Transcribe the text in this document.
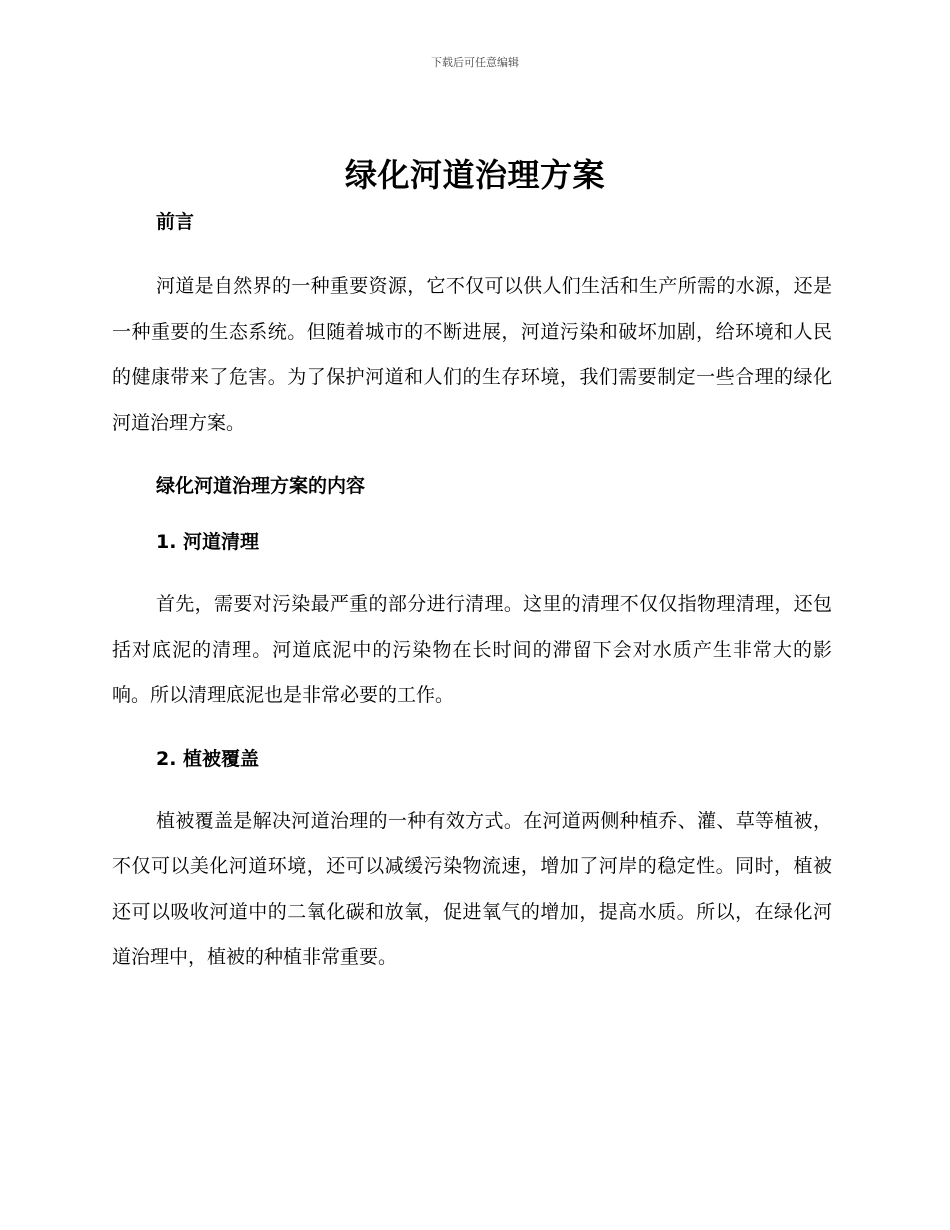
下载后可任意编辑
绿化河道治理方案

前言

河道是自然界的一种重要资源，它不仅可以供人们生活和生产所需的水源，还是一种重要的生态系统。但随着城市的不断进展，河道污染和破坏加剧，给环境和人民的健康带来了危害。为了保护河道和人们的生存环境，我们需要制定一些合理的绿化河道治理方案。

绿化河道治理方案的内容

1. 河道清理

首先，需要对污染最严重的部分进行清理。这里的清理不仅仅指物理清理，还包括对底泥的清理。河道底泥中的污染物在长时间的滞留下会对水质产生非常大的影响。所以清理底泥也是非常必要的工作。

2. 植被覆盖

植被覆盖是解决河道治理的一种有效方式。在河道两侧种植乔、灌、草等植被，不仅可以美化河道环境，还可以减缓污染物流速，增加了河岸的稳定性。同时，植被还可以吸收河道中的二氧化碳和放氧，促进氧气的增加，提高水质。所以，在绿化河道治理中，植被的种植非常重要。
